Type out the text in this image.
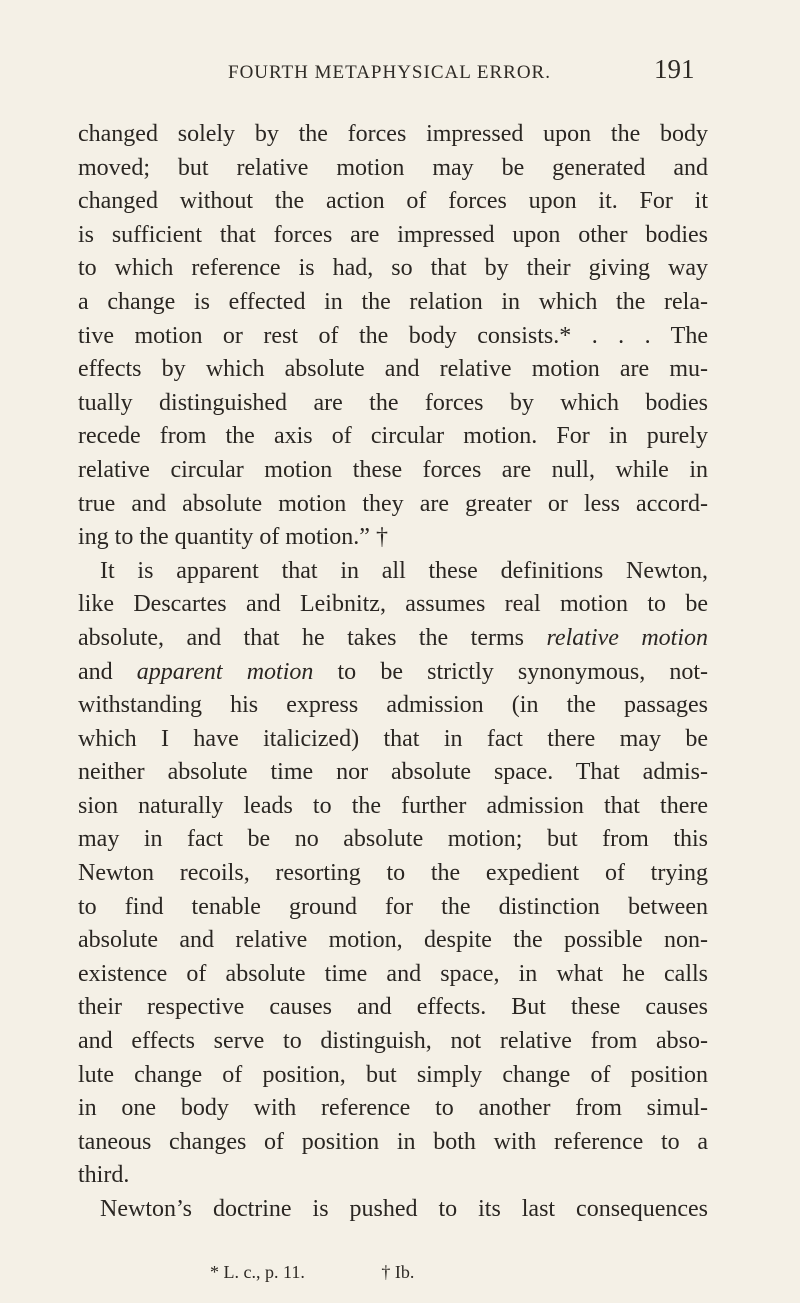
FOURTH METAPHYSICAL ERROR.	191
changed solely by the forces impressed upon the body
moved; but relative motion may be generated and
changed without the action of forces upon it. For it
is sufficient that forces are impressed upon other bodies
to which reference is had, so that by their giving way
a change is effected in the relation in which the rela-
tive motion or rest of the body consists.* . . . The
effects by which absolute and relative motion are mu-
tually distinguished are the forces by which bodies
recede from the axis of circular motion. For in purely
relative circular motion these forces are null, while in
true and absolute motion they are greater or less accord-
ing to the quantity of motion.” †
It is apparent that in all these definitions Newton,
like Descartes and Leibnitz, assumes real motion to be
absolute, and that he takes the terms relative motion
and apparent motion to be strictly synonymous, not-
withstanding his express admission (in the passages
which I have italicized) that in fact there may be
neither absolute time nor absolute space. That admis-
sion naturally leads to the further admission that there
may in fact be no absolute motion; but from this
Newton recoils, resorting to the expedient of trying
to find tenable ground for the distinction between
absolute and relative motion, despite the possible non-
existence of absolute time and space, in what he calls
their respective causes and effects. But these causes
and effects serve to distinguish, not relative from abso-
lute change of position, but simply change of position
in one body with reference to another from simul-
taneous changes of position in both with reference to a
third.
Newton’s doctrine is pushed to its last consequences
* L. c., p. 11.	† Ib.
